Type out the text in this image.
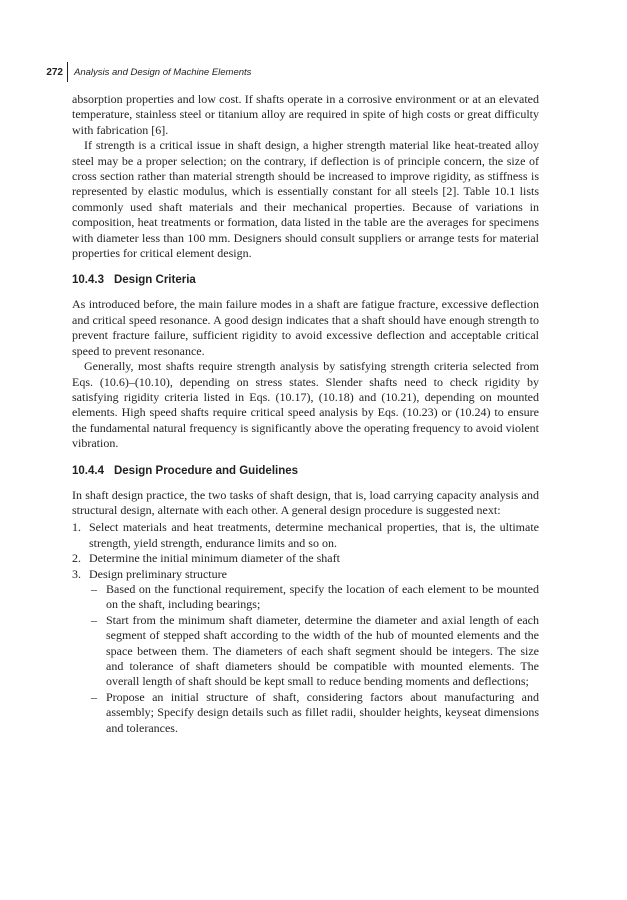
272 Analysis and Design of Machine Elements

absorption properties and low cost. If shafts operate in a corrosive environment or at an elevated temperature, stainless steel or titanium alloy are required in spite of high costs or great difficulty with fabrication [6].

If strength is a critical issue in shaft design, a higher strength material like heat-treated alloy steel may be a proper selection; on the contrary, if deflection is of principle concern, the size of cross section rather than material strength should be increased to improve rigidity, as stiffness is represented by elastic modulus, which is essentially constant for all steels [2]. Table 10.1 lists commonly used shaft materials and their mechanical properties. Because of variations in composition, heat treatments or formation, data listed in the table are the averages for specimens with diameter less than 100 mm. Designers should consult suppliers or arrange tests for material properties for critical element design.

10.4.3 Design Criteria

As introduced before, the main failure modes in a shaft are fatigue fracture, excessive deflection and critical speed resonance. A good design indicates that a shaft should have enough strength to prevent fracture failure, sufficient rigidity to avoid excessive deflection and acceptable critical speed to prevent resonance.

Generally, most shafts require strength analysis by satisfying strength criteria selected from Eqs. (10.6)–(10.10), depending on stress states. Slender shafts need to check rigidity by satisfying rigidity criteria listed in Eqs. (10.17), (10.18) and (10.21), depending on mounted elements. High speed shafts require critical speed analysis by Eqs. (10.23) or (10.24) to ensure the fundamental natural frequency is significantly above the operating frequency to avoid violent vibration.

10.4.4 Design Procedure and Guidelines

In shaft design practice, the two tasks of shaft design, that is, load carrying capacity analysis and structural design, alternate with each other. A general design procedure is suggested next:

1. Select materials and heat treatments, determine mechanical properties, that is, the ultimate strength, yield strength, endurance limits and so on.
2. Determine the initial minimum diameter of the shaft
3. Design preliminary structure
– Based on the functional requirement, specify the location of each element to be mounted on the shaft, including bearings;
– Start from the minimum shaft diameter, determine the diameter and axial length of each segment of stepped shaft according to the width of the hub of mounted elements and the space between them. The diameters of each shaft segment should be integers. The size and tolerance of shaft diameters should be compatible with mounted elements. The overall length of shaft should be kept small to reduce bending moments and deflections;
– Propose an initial structure of shaft, considering factors about manufacturing and assembly; Specify design details such as fillet radii, shoulder heights, keyseat dimensions and tolerances.
